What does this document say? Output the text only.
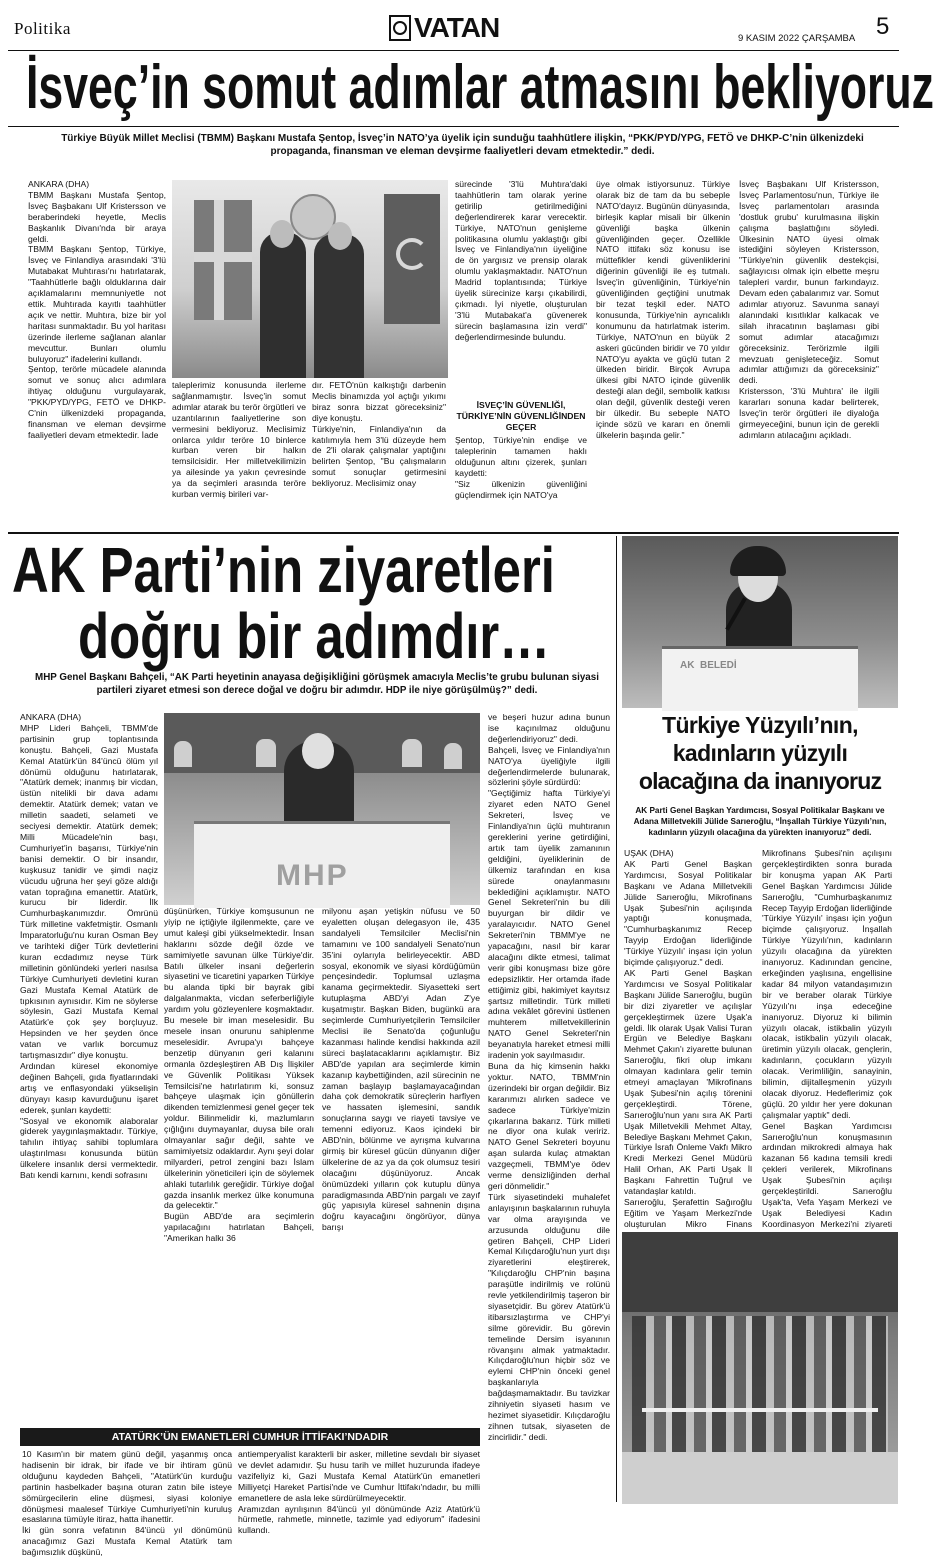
Politika	VATAN	9 KASIM 2022 ÇARŞAMBA 5
İsveç’in somut adımlar atmasını bekliyoruz
Türkiye Büyük Millet Meclisi (TBMM) Başkanı Mustafa Şentop, İsveç’in NATO’ya üyelik için sunduğu taahhütlere ilişkin, “PKK/PYD/YPG, FETÖ ve DHKP-C’nin ülkenizdeki propaganda, finansman ve eleman devşirme faaliyetleri devam etmektedir.” dedi.
ANKARA (DHA)
TBMM Başkanı Mustafa Şentop, İsveç Başbakanı Ulf Kristersson ve beraberindeki heyetle, Meclis Başkanlık Divanı'nda bir araya geldi.
TBMM Başkanı Şentop, Türkiye, İsveç ve Finlandiya arasındaki '3'lü Mutabakat Muhtırası'nı hatırlatarak, "Taahhütlerle bağlı olduklarına dair açıklamalarını memnuniyetle not ettik. Muhtırada kayıtlı taahhütler açık ve nettir. Muhtıra, bize bir yol haritası sunmaktadır. Bu yol haritası üzerinde ilerleme sağlanan alanlar mevcuttur. Bunları olumlu buluyoruz" ifadelerini kullandı.
Şentop, terörle mücadele alanında somut ve sonuç alıcı adımlara ihtiyaç olduğunu vurgulayarak, "PKK/PYD/YPG, FETÖ ve DHKP-C'nin ülkenizdeki propaganda, finansman ve eleman devşirme faaliyetleri devam etmektedir. İade
taleplerimiz konusunda ilerleme sağlanmamıştır. İsveç'in somut adımlar atarak bu terör örgütleri ve uzantılarının faaliyetlerine son vermesini bekliyoruz. Meclisimiz onlarca yıldır teröre 10 binlerce kurban veren bir halkın temsilcisidir. Her milletvekilimizin ya ailesinde ya yakın çevresinde ya da seçimleri arasında teröre kurban vermiş birileri var-
dır. FETÖ'nün kalkıştığı darbenin Meclis binamızda yol açtığı yıkımı biraz sonra bizzat göreceksiniz" diye konuştu.
Türkiye'nin, Finlandiya'nın da katılımıyla hem 3'lü düzeyde hem de 2'li olarak çalışmalar yaptığını belirten Şentop, "Bu çalışmaların somut sonuçlar getirmesini bekliyoruz. Meclisimiz onay
sürecinde '3'lü Muhtıra'daki taahhütlerin tam olarak yerine getirilip getirilmediğini değerlendirerek karar verecektir. Türkiye, NATO'nun genişleme politikasına olumlu yaklaştığı gibi İsveç ve Finlandiya'nın üyeliğine de ön yargısız ve prensip olarak olumlu yaklaşmaktadır. NATO'nun Madrid toplantısında; Türkiye üyelik sürecinize karşı çıkabilirdi, çıkmadı. İyi niyetle, oluşturulan '3'lü Mutabakat'a güvenerek sürecin başlamasına izin verdi" değerlendirmesinde bulundu.
İSVEÇ’İN GÜVENLİĞİ, TÜRKİYE’NİN GÜVENLİĞİNDEN GEÇER
Şentop, Türkiye'nin endişe ve taleplerinin tamamen haklı olduğunun altını çizerek, şunları kaydetti:
"Siz ülkenizin güvenliğini güçlendirmek için NATO'ya
üye olmak istiyorsunuz. Türkiye olarak biz de tam da bu sebeple NATO'dayız. Bugünün dünyasında, birleşik kaplar misali bir ülkenin güvenliği başka ülkenin güvenliğinden geçer. Özellikle NATO ittifakı söz konusu ise müttefikler kendi güvenliklerini diğerinin güvenliği ile eş tutmalı. İsveç'in güvenliğinin, Türkiye'nin güvenliğinden geçtiğini unutmak bir tezat teşkil eder. NATO konusunda, Türkiye'nin ayrıcalıklı konumunu da hatırlatmak isterim. Türkiye, NATO'nun en büyük 2 askeri gücünden biridir ve 70 yıldır NATO'yu ayakta ve güçlü tutan 2 ülkeden biridir. Birçok Avrupa ülkesi gibi NATO içinde güvenlik desteği alan değil, sembolik katkısı olan değil, güvenlik desteği veren bir ülkedir. Bu sebeple NATO içinde sözü ve kararı en önemli ülkelerin başında gelir."
İsveç Başbakanı Ulf Kristersson, İsveç Parlamentosu'nun, Türkiye ile İsveç parlamentoları arasında 'dostluk grubu' kurulmasına ilişkin çalışma başlattığını söyledi. Ülkesinin NATO üyesi olmak istediğini söyleyen Kristersson, "Türkiye'nin güvenlik destekçisi, sağlayıcısı olmak için elbette meşru talepleri vardır, bunun farkındayız. Devam eden çabalarımız var. Somut adımlar atıyoruz. Savunma sanayi alanındaki kısıtlıklar kalkacak ve silah ihracatının başlaması gibi somut adımlar atacağımızı göreceksiniz. Terörizmle ilgili mevzuatı genişleteceğiz. Somut adımlar attığımızı da göreceksiniz" dedi.
Kristersson, '3'lü Muhtıra' ile ilgili kararları sonuna kadar belirterek, İsveç'in terör örgütleri ile diyaloğa girmeyeceğini, bunun için de gerekli adımların atılacağını açıkladı.
AK Parti’nin ziyaretleri
doğru bir adımdır…
MHP Genel Başkanı Bahçeli, “AK Parti heyetinin anayasa değişikliğini görüşmek amacıyla Meclis’te grubu bulunan siyasi partileri ziyaret etmesi son derece doğal ve doğru bir adımdır. HDP ile niye görüşülmüş?” dedi.
ANKARA (DHA)
MHP Lideri Bahçeli, TBMM'de partisinin grup toplantısında konuştu. Bahçeli, Gazi Mustafa Kemal Atatürk'ün 84'üncü ölüm yıl dönümü olduğunu hatırlatarak, "Atatürk demek; inanmış bir vicdan, üstün nitelikli bir dava adamı demektir. Atatürk demek; vatan ve milletin saadeti, selameti ve seciyesi demektir. Atatürk demek; Milli Mücadele'nin başı, Cumhuriyet'in başarısı, Türkiye'nin banisi demektir. O bir insandır, kuşkusuz tanidir ve şimdi naçiz vücudu uğruna her şeyi göze aldığı vatan toprağına emanettir. Atatürk, kurucu bir liderdir. İlk Cumhurbaşkanımızdır. Ömrünü Türk milletine vakfetmiştir. Osmanlı İmparatorluğu'nu kuran Osman Bey ve tarihteki diğer Türk devletlerini kuran ecdadımız neyse Türk milletinin gönlündeki yerleri nasılsa Türkiye Cumhuriyeti devletini kuran Gazi Mustafa Kemal Atatürk de tıpkısının aynısıdır. Kim ne söylerse söylesin, Gazi Mustafa Kemal Atatürk'e çok şey borçluyuz. Hepsinden ve her şeyden önce vatan ve varlık borcumuz tartışmasızdır" diye konuştu.
Ardından küresel ekonomiye değinen Bahçeli, gıda fiyatlarındaki artış ve enflasyondaki yükselişin dünyayı kasıp kavurduğunu işaret ederek, şunları kaydetti:
"Sosyal ve ekonomik alaboralar giderek yaygınlaşmaktadır. Türkiye, tahılın ihtiyaç sahibi toplumlara ulaştırılması konusunda bütün ülkelere insanlık dersi vermektedir. Batı kendi karnını, kendi sofrasını
MHP
düşünürken, Türkiye komşusunun ne yiyip ne içtiğiyle ilgilenmekte, çare ve umut kaleşi gibi yükselmektedir. İnsan haklarını sözde değil özde ve samimiyetle savunan ülke Türkiye'dir. Batılı ülkeler insani değerlerin siyasetini ve ticaretini yaparken Türkiye bu alanda tipki bir bayrak gibi dalgalanmakta, vicdan seferberliğiyle yardım yolu gözleyenlere koşmaktadır. Bu mesele bir iman meselesidir. Bu mesele insan onurunu sahiplenme meselesidir. Avrupa'yı bahçeye benzetip dünyanın geri kalanını ormanla özdeşleştiren AB Dış İlişkiler ve Güvenlik Politikası Yüksek Temsilcisi'ne hatırlatırım ki, sonsuz bahçeye ulaşmak için gönüllerin dikenden temizlenmesi genel geçer tek yoldur. Bilinmelidir ki, mazlumların çığlığını duymayanlar, duysa bile oralı olmayanlar sağır değil, sahte ve samimiyetsiz odaklardır. Aynı şeyi dolar milyarderi, petrol zengini bazı İslam ülkelerinin yöneticileri için de söylemek ahlaki tutarlılık gereğidir. Türkiye doğal gazda insanlık merkez ülke konumuna da gelecektir."
Bugün ABD'de ara seçimlerin yapılacağını hatırlatan Bahçeli, "Amerikan halkı 36
milyonu aşan yetişkin nüfusu ve 50 eyaletten oluşan delegasyon ile, 435 sandalyeli Temsilciler Meclisi'nin tamamını ve 100 sandalyeli Senato'nun 35'ini oylarıyla belirleyecektir. ABD sosyal, ekonomik ve siyasi kördüğümün pençesindedir. Toplumsal uzlaşma kanama geçirmektedir. Siyasetteki sert kutuplaşma ABD'yi Adan Z'ye kuşatmıştır. Başkan Biden, bugünkü ara seçimlerde Cumhuriyetçilerin Temsilciler Meclisi ile Senato'da çoğunluğu kazanması halinde kendisi hakkında azil süreci başlatacaklarını açıklamıştır. Biz ABD'de yapılan ara seçimlerde kimin kazanıp kaybettiğinden, azil sürecinin ne zaman başlayıp başlamayacağından daha çok demokratik süreçlerin harfiyen ve hassaten işlemesini, sandık sonuçlarına saygı ve riayeti tavsiye ve temenni ediyoruz. Kaos içindeki bir ABD'nin, bölünme ve ayrışma kulvarına girmiş bir küresel gücün dünyanın diğer ülkelerine de az ya da çok olumsuz tesiri olacağını düşünüyoruz. Ancak önümüzdeki yılların çok kutuplu dünya paradigmasında ABD'nin pargalı ve zayıf güç yapısıyla küresel sahnenin dışına doğru kayacağını öngörüyor, dünya barışı
ve beşeri huzur adına bunun ise kaçınılmaz olduğunu değerlendiriyoruz" dedi.
Bahçeli, İsveç ve Finlandiya'nın NATO'ya üyeliğiyle ilgili değerlendirmelerde bulunarak, sözlerini şöyle sürdürdü:
"Geçtiğimiz hafta Türkiye'yi ziyaret eden NATO Genel Sekreteri, İsveç ve Finlandiya'nın üçlü muhtıranın gereklerini yerine getirdiğini, artık tam üyelik zamanının geldiğini, üyeliklerinin de ülkemiz tarafından en kısa sürede onaylanmasını beklediğini açıklamıştır. NATO Genel Sekreteri'nin bu dili buyurgan bir dildir ve yaralayıcıdır. NATO Genel Sekreteri'nin TBMM'ye ne yapacağını, nasıl bir karar alacağını dikte etmesi, talimat verir gibi konuşması bize göre edepsizliktir. Her ortamda ifade ettiğimiz gibi, hakimiyet kayıtsız şartsız milletindir. Türk milleti adına vekâlet görevini üstlenen muhterem milletvekillerinin NATO Genel Sekreteri'nin beyanatıyla hareket etmesi milli iradenin yok sayılmasıdır.
Buna da hiç kimsenin hakkı yoktur. NATO, TBMM'nin üzerindeki bir organ değildir. Biz kararımızı alırken sadece ve sadece Türkiye'mizin çıkarlarına bakarız. Türk milleti ne diyor ona kulak veririz. NATO Genel Sekreteri boyunu aşan sularda kulaç atmaktan vazgeçmeli, TBMM'ye ödev verme densizliğinden derhal geri dönmelidir."
Türk siyasetindeki muhalefet anlayışının başkalarının ruhuyla var olma arayışında ve arzusunda olduğunu dile getiren Bahçeli, CHP Lideri Kemal Kılıçdaroğlu'nun yurt dışı ziyaretlerini eleştirerek, "Kılıçdaroğlu CHP'nin başına paraşütle indirilmiş ve rolünü revle yetkilendirilmiş taşeron bir siyasetçidir. Bu görev Atatürk'ü itibarsızlaştırma ve CHP'yi silme görevidir. Bu görevin temelinde Dersim isyanının rövanşını almak yatmaktadır. Kılıçdaroğlu'nun hiçbir söz ve eylemi CHP'nin önceki genel başkanlarıyla bağdaşmamaktadır. Bu tavizkar zihniyetin siyaseti hasım ve hezimet siyasetidir. Kılıçdaroğlu zihnen tutsak, siyaseten de zincirlidir." dedi.
ATATÜRK’ÜN EMANETLERİ CUMHUR İTTİFAKI’NDADIR
10 Kasım'ın bir matem günü değil, yaşanmış onca hadisenin bir idrak, bir ifade ve bir ihtiram günü olduğunu kaydeden Bahçeli, "Atatürk'ün kurduğu partinin hasbelkader başına oturan zatın bile isteye sömürgecilerin eline düşmesi, siyasi koloniye dönüşmesi maalesef Türkiye Cumhuriyeti'nin kuruluş esaslarına tümüyle itiraz, hatta ihanettir.
İki gün sonra vefatının 84'üncü yıl dönümünü anacağımız Gazi Mustafa Kemal Atatürk tam bağımsızlık düşkünü,
antiemperyalist karakterli bir asker, milletine sevdalı bir siyaset ve devlet adamıdır. Şu husu tarih ve millet huzurunda ifadeye vazifeliyiz ki, Gazi Mustafa Kemal Atatürk'ün emanetleri Milliyetçi Hareket Partisi'nde ve Cumhur İttifakı'ndadır, bu milli emanetlere de asla leke sürdürülmeyecektir.
Aramızdan ayrılışının 84'üncü yıl dönümünde Aziz Atatürk'ü hürmetle, rahmetle, minnetle, tazimle yad ediyorum" ifadesini kullandı.
AK  BELEDİ
Türkiye Yüzyılı’nın,
kadınların yüzyılı
olacağına da inanıyoruz
AK Parti Genel Başkan Yardımcısı, Sosyal Politikalar Başkanı ve Adana Milletvekili Jülide Sarıeroğlu, “İnşallah Türkiye Yüzyılı’nın, kadınların yüzyılı olacağına da yürekten inanıyoruz” dedi.
UŞAK (DHA)
AK Parti Genel Başkan Yardımcısı, Sosyal Politikalar Başkanı ve Adana Milletvekili Jülide Sarıeroğlu, Mikrofinans Uşak Şubesi'nin açılışında yaptığı konuşmada, "Cumhurbaşkanımız Recep Tayyip Erdoğan liderliğinde 'Türkiye Yüzyılı' inşası için yolun biçimde çalışıyoruz." dedi.
AK Parti Genel Başkan Yardımcısı ve Sosyal Politikalar Başkanı Jülide Sarıeroğlu, bugün bir dizi ziyaretler ve açılışlar gerçekleştirmek üzere Uşak'a geldi. İlk olarak Uşak Valisi Turan Ergün ve Belediye Başkanı Mehmet Çakın'ı ziyarette bulunan Sarıeroğlu, fikri olup imkanı olmayan kadınlara gelir temin etmeyi amaçlayan 'Mikrofinans Uşak Şubesi'nin açılış törenini gerçekleştirdi. Törene, Sarıeroğlu'nun yanı sıra AK Parti Uşak Milletvekili Mehmet Altay, Belediye Başkanı Mehmet Çakın, Türkiye İsrafı Önleme Vakfı Mikro Kredi Merkezi Genel Müdürü Halil Orhan, AK Parti Uşak İl Başkanı Fahrettin Tuğrul ve vatandaşlar katıldı.
Sarıeroğlu, Şerafettin Sağıroğlu Eğitim ve Yaşam Merkezi'nde oluşturulan Mikro Finans
Mikrofinans Şubesi'nin açılışını gerçekleştirdikten sonra burada bir konuşma yapan AK Parti Genel Başkan Yardımcısı Jülide Sarıeroğlu, "Cumhurbaşkanımız Recep Tayyip Erdoğan liderliğinde 'Türkiye Yüzyılı' inşası için yoğun biçimde çalışıyoruz. İnşallah Türkiye Yüzyılı'nın, kadınların yüzyılı olacağına da yürekten inanıyoruz. Kadınından gencine, erkeğinden yaşlısına, engellisine kadar 84 milyon vatandaşımızın bir ve beraber olarak Türkiye Yüzyılı'nı inşa edeceğine inanıyoruz. Diyoruz ki bilimin yüzyılı olacak, istikbalin yüzyılı olacak, istikbalin yüzyılı olacak, üretimin yüzyılı olacak, gençlerin, kadınların, çocukların yüzyılı olacak. Verimliliğin, sanayinin, bilimin, dijitalleşmenin yüzyılı olacak diyoruz. Hedeflerimiz çok güçlü. 20 yıldır her yere dokunan çalışmalar yaptık" dedi.
Genel Başkan Yardımcısı Sarıeroğlu'nun konuşmasının ardından mikrokredi almaya hak kazanan 56 kadına temsili kredi çekleri verilerek, Mikrofinans Uşak Şubesi'nin açılışı gerçekleştirildi. Sarıeroğlu Uşak'ta, Vefa Yaşam Merkezi ve Uşak Belediyesi Kadın Koordinasyon Merkezi'ni ziyareti
